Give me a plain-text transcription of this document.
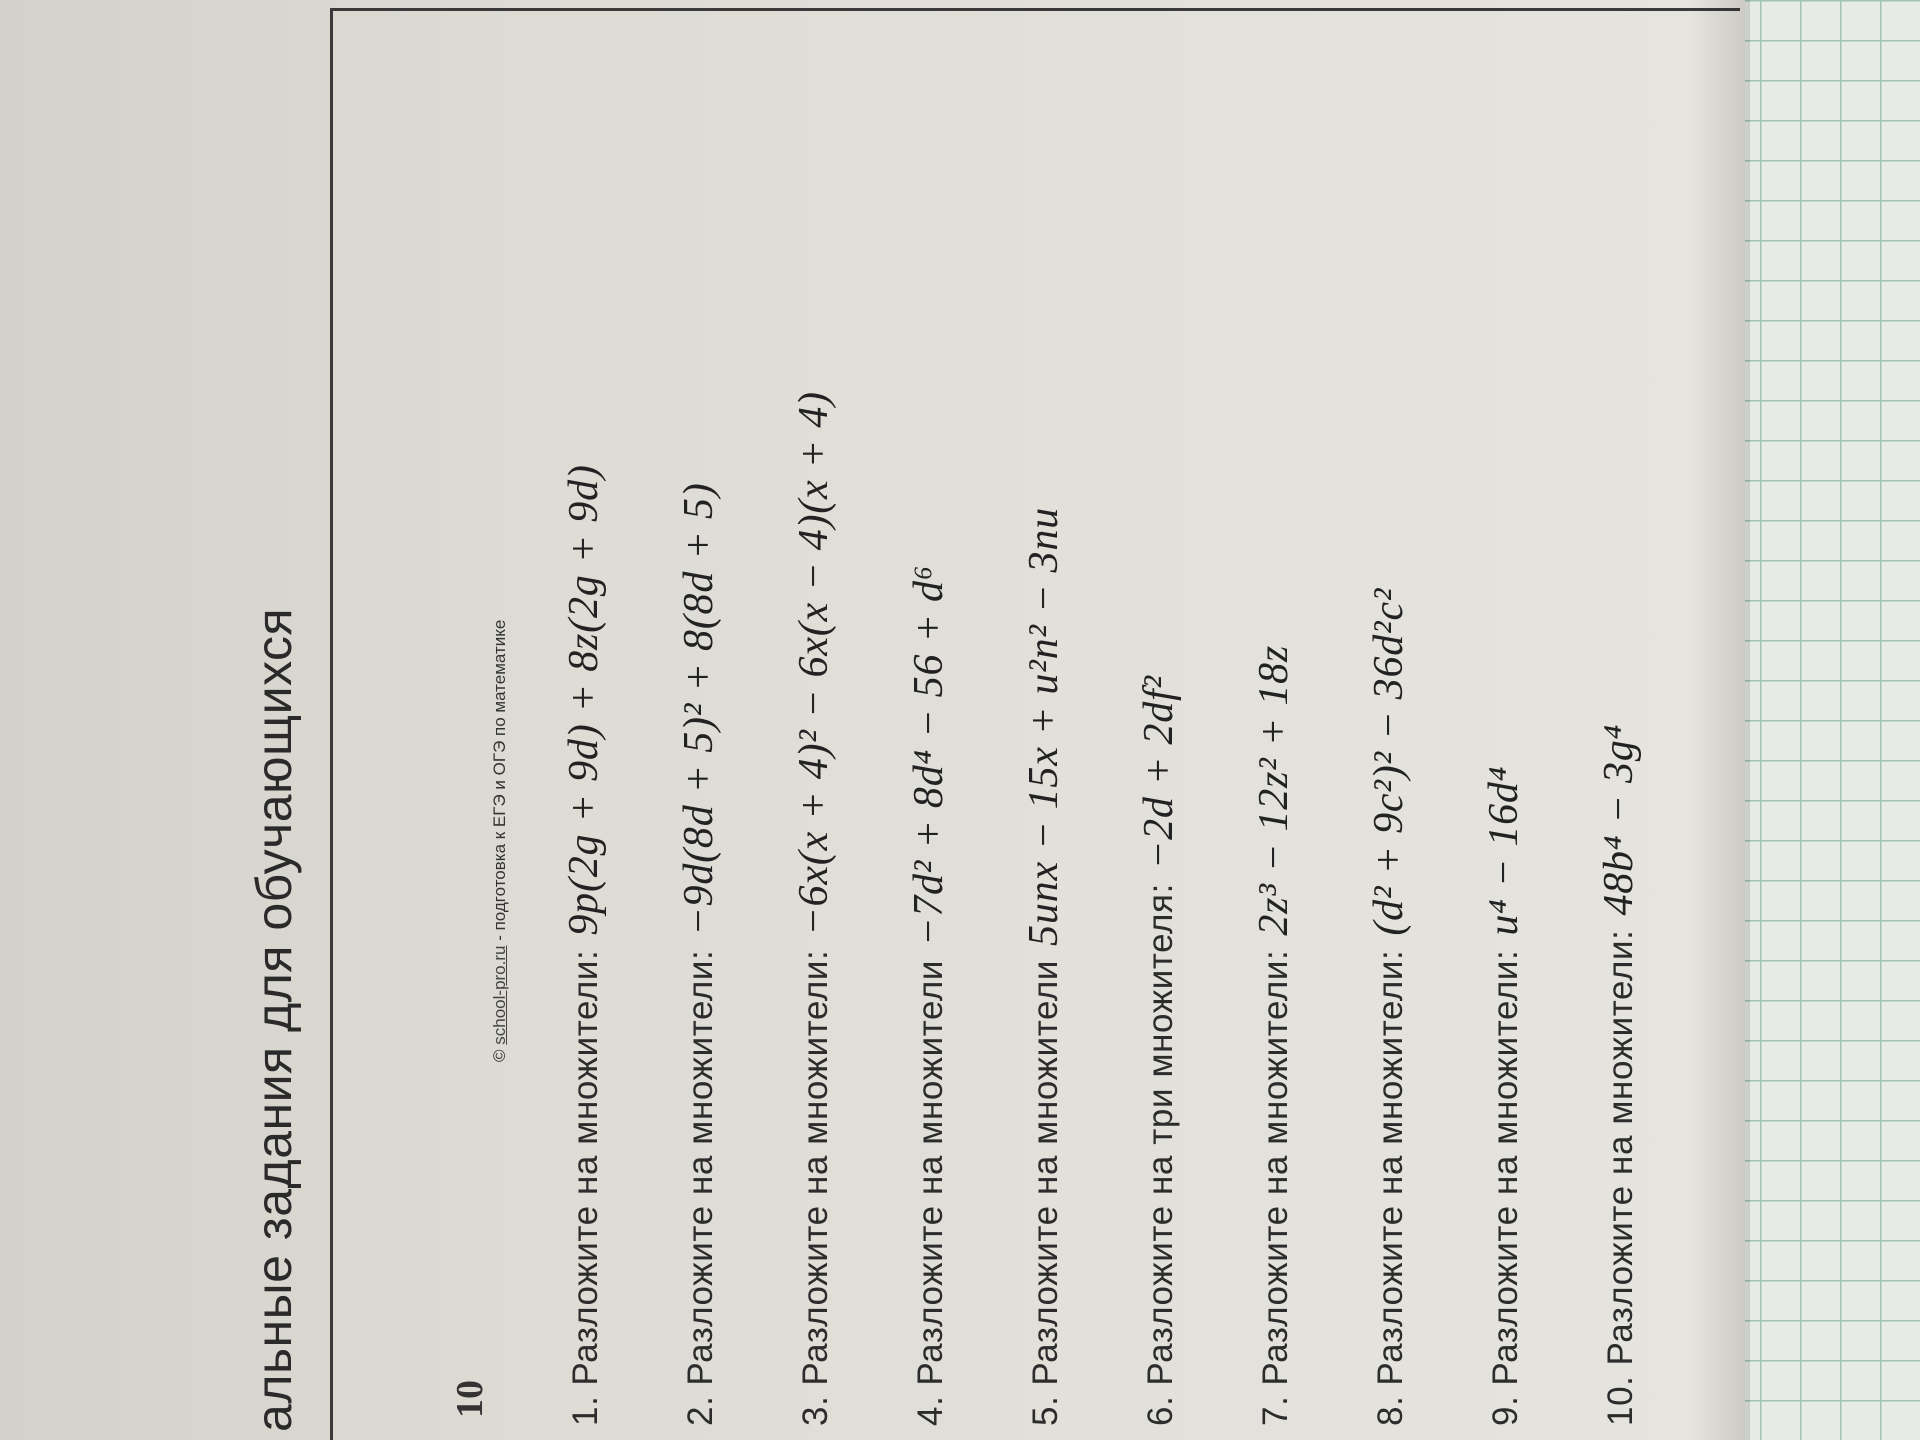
альные задания для обучающихся	10
© school-pro.ru - подготовка к ЕГЭ и ОГЭ по математике
1.Разложите на множители:9p(2g + 9d) + 8z(2g + 9d)
2.Разложите на множители:−9d(8d + 5)² + 8(8d + 5)
3.Разложите на множители:−6x(x + 4)² − 6x(x − 4)(x + 4)
4.Разложите на множители−7d² + 8d⁴ − 56 + d⁶
5.Разложите на множители5unx − 15x + u²n² − 3nu
6.Разложите на три множителя:−2d + 2df²
7.Разложите на множители:2z³ − 12z² + 18z
8.Разложите на множители:(d² + 9c²)² − 36d²c²
9.Разложите на множители:u⁴ − 16d⁴
10.Разложите на множители:48b⁴ − 3g⁴
